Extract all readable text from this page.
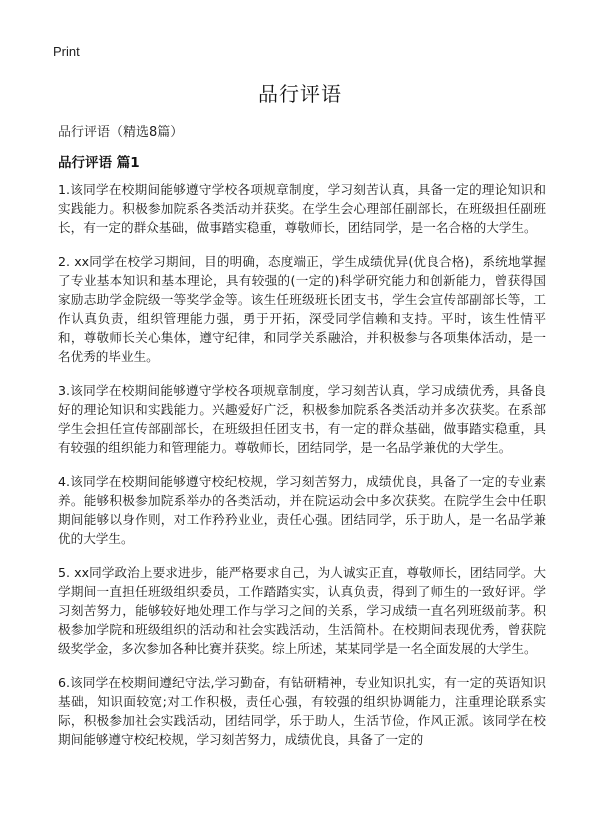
Print
品行评语

品行评语（精选8篇）

品行评语 篇1

1.该同学在校期间能够遵守学校各项规章制度，学习刻苦认真，具备一定的理论知识和实践能力。积极参加院系各类活动并获奖。在学生会心理部任副部长，在班级担任副班长，有一定的群众基础，做事踏实稳重，尊敬师长，团结同学，是一名合格的大学生。

2. xx同学在校学习期间，目的明确，态度端正，学生成绩优异(优良合格)，系统地掌握了专业基本知识和基本理论，具有较强的(一定的)科学研究能力和创新能力，曾获得国家励志助学金院级一等奖学金等。该生任班级班长团支书，学生会宣传部副部长等，工作认真负责，组织管理能力强，勇于开拓，深受同学信赖和支持。平时，该生性情平和，尊敬师长关心集体，遵守纪律，和同学关系融洽，并积极参与各项集体活动，是一名优秀的毕业生。

3.该同学在校期间能够遵守学校各项规章制度，学习刻苦认真，学习成绩优秀，具备良好的理论知识和实践能力。兴趣爱好广泛，积极参加院系各类活动并多次获奖。在系部学生会担任宣传部副部长，在班级担任团支书，有一定的群众基础，做事踏实稳重，具有较强的组织能力和管理能力。尊敬师长，团结同学，是一名品学兼优的大学生。

4.该同学在校期间能够遵守校纪校规，学习刻苦努力，成绩优良，具备了一定的专业素养。能够积极参加院系举办的各类活动，并在院运动会中多次获奖。在院学生会中任职期间能够以身作则，对工作矜矜业业，责任心强。团结同学，乐于助人，是一名品学兼优的大学生。

5. xx同学政治上要求进步，能严格要求自己，为人诚实正直，尊敬师长，团结同学。大学期间一直担任班级组织委员，工作踏踏实实，认真负责，得到了师生的一致好评。学习刻苦努力，能够较好地处理工作与学习之间的关系，学习成绩一直名列班级前茅。积极参加学院和班级组织的活动和社会实践活动，生活简朴。在校期间表现优秀，曾获院级奖学金，多次参加各种比赛并获奖。综上所述，某某同学是一名全面发展的大学生。

6.该同学在校期间遵纪守法,学习勤奋，有钻研精神，专业知识扎实，有一定的英语知识基础，知识面较宽;对工作积极，责任心强，有较强的组织协调能力，注重理论联系实际，积极参加社会实践活动，团结同学，乐于助人，生活节俭，作风正派。该同学在校期间能够遵守校纪校规，学习刻苦努力，成绩优良，具备了一定的
